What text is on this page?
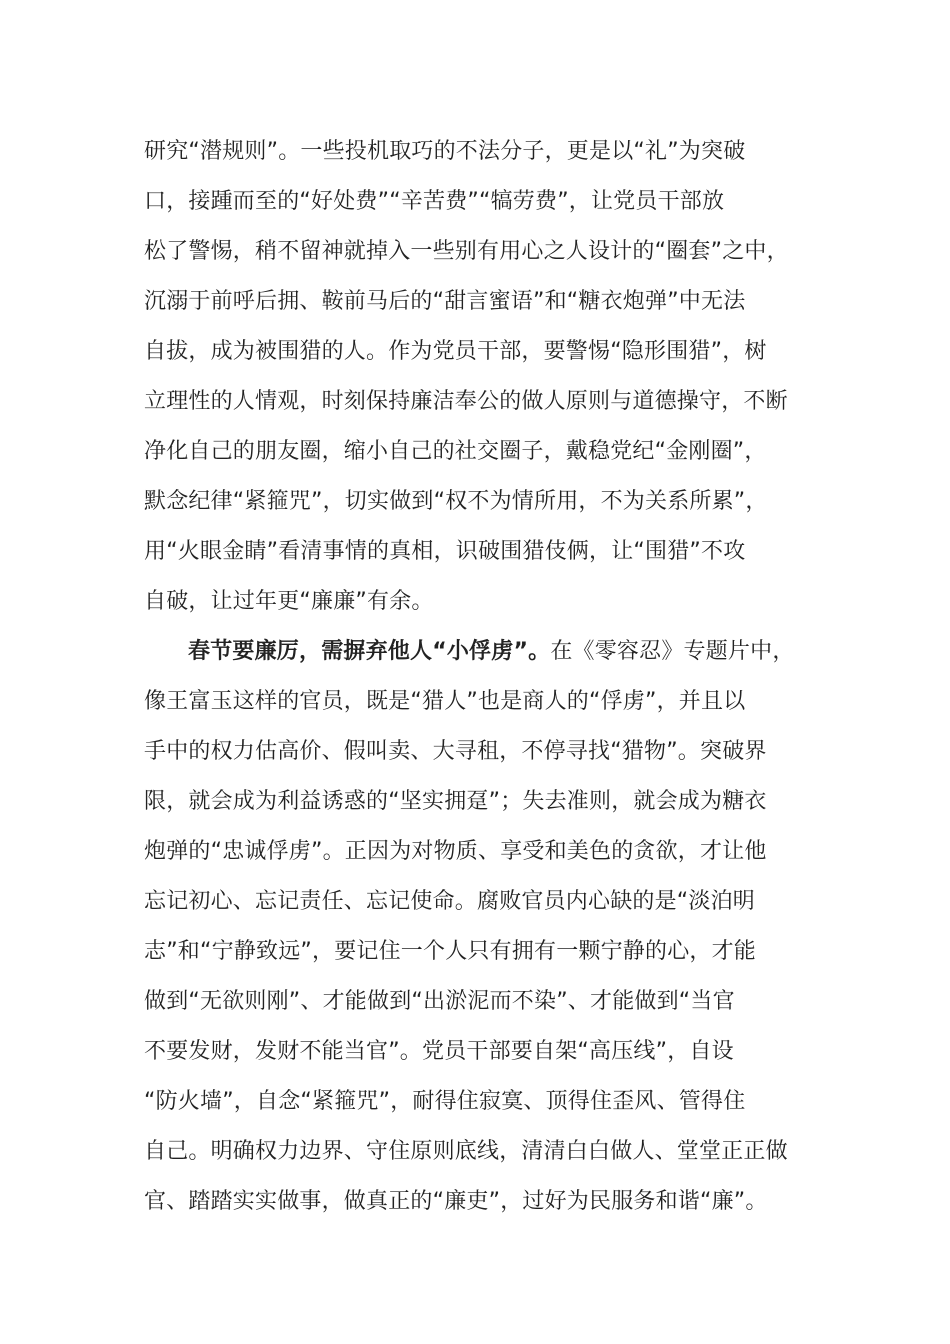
研究“潜规则”。一些投机取巧的不法分子，更是以“礼”为突破
口，接踵而至的“好处费”“辛苦费”“犒劳费”，让党员干部放
松了警惕，稍不留神就掉入一些别有用心之人设计的“圈套”之中，
沉溺于前呼后拥、鞍前马后的“甜言蜜语”和“糖衣炮弹”中无法
自拔，成为被围猎的人。作为党员干部，要警惕“隐形围猎”，树
立理性的人情观，时刻保持廉洁奉公的做人原则与道德操守，不断
净化自己的朋友圈，缩小自己的社交圈子，戴稳党纪“金刚圈”，
默念纪律“紧箍咒”，切实做到“权不为情所用，不为关系所累”，
用“火眼金睛”看清事情的真相，识破围猎伎俩，让“围猎”不攻
自破，让过年更“廉廉”有余。
春节要廉厉，需摒弃他人“小俘虏”。在《零容忍》专题片中，
像王富玉这样的官员，既是“猎人”也是商人的“俘虏”，并且以
手中的权力估高价、假叫卖、大寻租，不停寻找“猎物”。突破界
限，就会成为利益诱惑的“坚实拥趸”；失去准则，就会成为糖衣
炮弹的“忠诚俘虏”。正因为对物质、享受和美色的贪欲，才让他
忘记初心、忘记责任、忘记使命。腐败官员内心缺的是“淡泊明
志”和“宁静致远”，要记住一个人只有拥有一颗宁静的心，才能
做到“无欲则刚”、才能做到“出淤泥而不染”、才能做到“当官
不要发财，发财不能当官”。党员干部要自架“高压线”，自设
“防火墙”，自念“紧箍咒”，耐得住寂寞、顶得住歪风、管得住
自己。明确权力边界、守住原则底线，清清白白做人、堂堂正正做
官、踏踏实实做事，做真正的“廉吏”，过好为民服务和谐“廉”。
